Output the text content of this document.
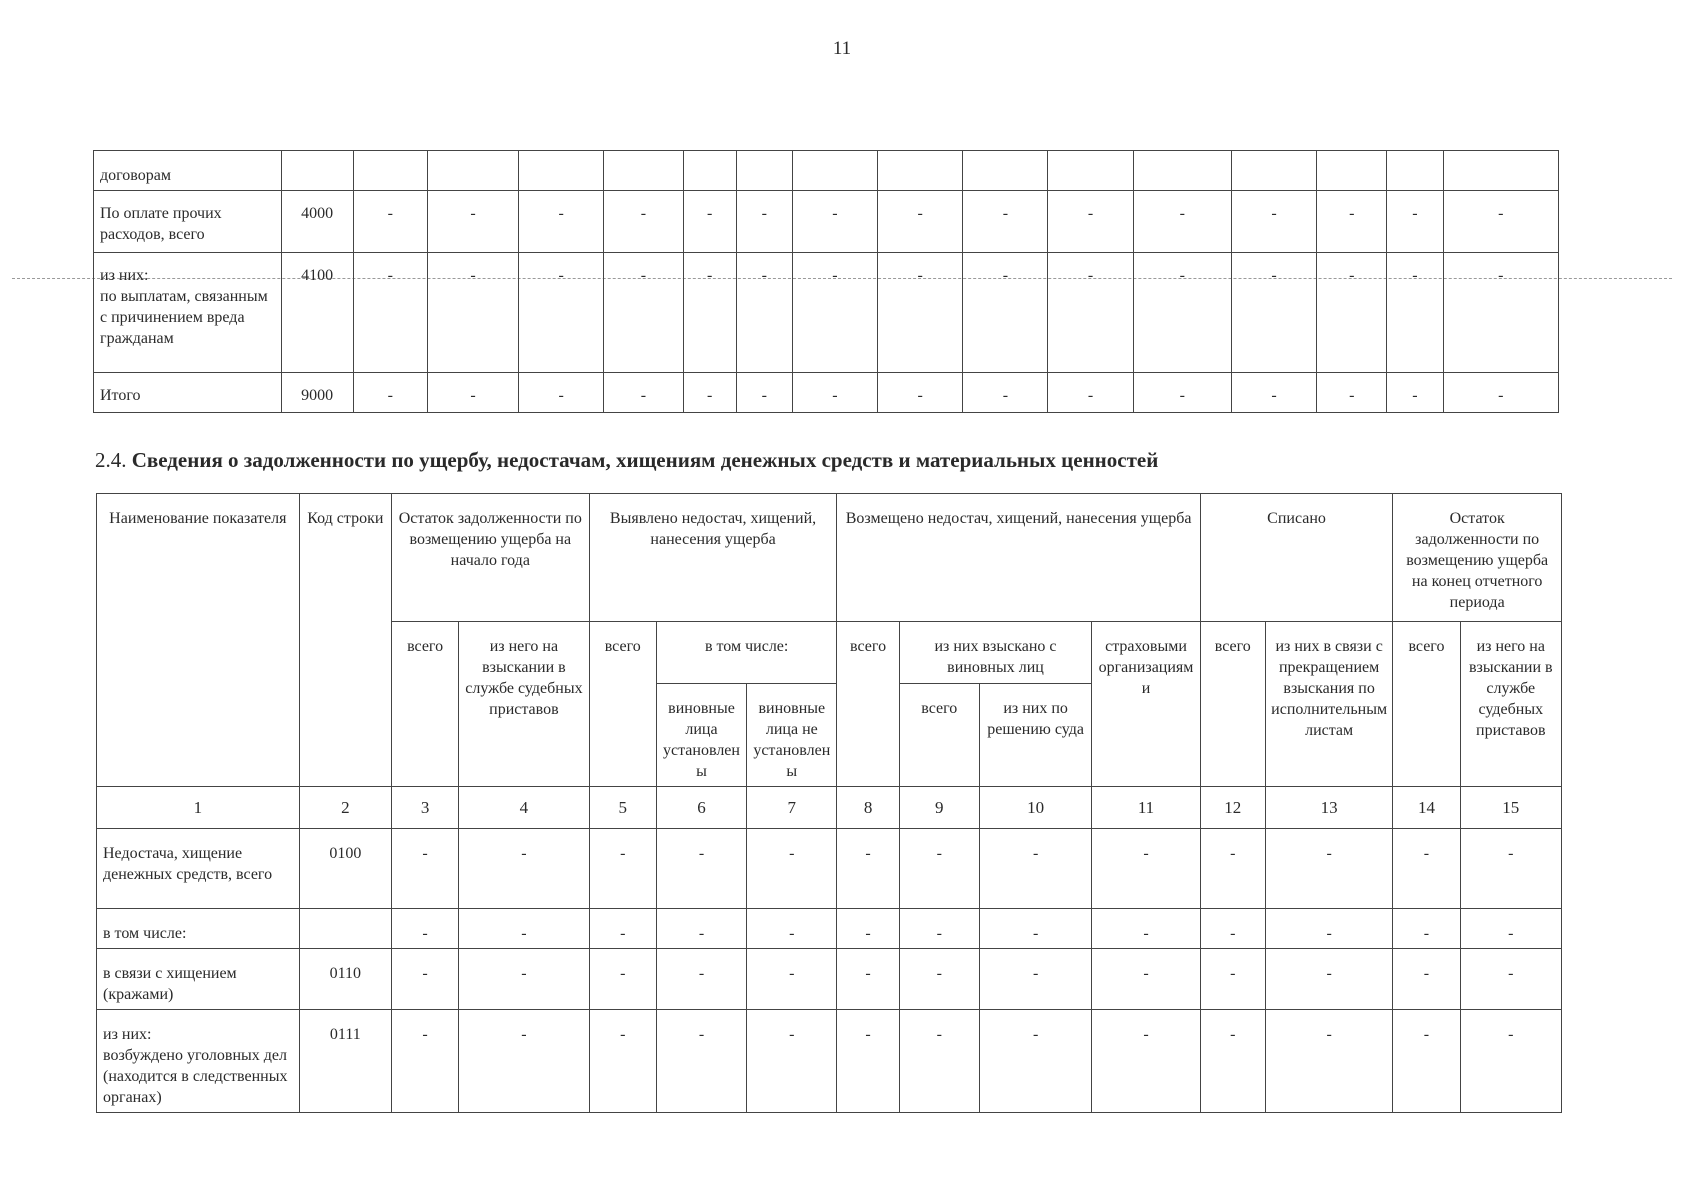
11
договорам																
По оплате прочих расходов, всего	4000	-	-	-	-	-	-	-	-	-	-	-	-	-	-	-
из них:
по выплатам, связанным с причинением вреда гражданам	4100	-	-	-	-	-	-	-	-	-	-	-	-	-	-	-
Итого	9000	-	-	-	-	-	-	-	-	-	-	-	-	-	-	-
2.4. Сведения о задолженности по ущербу, недостачам, хищениям денежных средств и материальных ценностей
Наименование показателя	Код строки	Остаток задолженности по возмещению ущерба на начало года		Выявлено недостач, хищений, нанесения ущерба			Возмещено недостач, хищений, нанесения ущерба				Списано		Остаток задолженности по возмещению ущерба на конец отчетного периода	
		всего	из него на взыскании в службе судебных приставов	всего	в том числе:		всего	из них взыскано с виновных лиц		страховыми организациями	всего	из них в связи с прекращением взыскания по исполнительным листам	всего	из него на взыскании в службе судебных приставов
					виновные лица установлены	виновные лица не установлены		всего	из них по решению суда					
1	2	3	4	5	6	7	8	9	10	11	12	13	14	15
Недостача, хищение денежных средств, всего	0100	-	-	-	-	-	-	-	-	-	-	-	-	-
в том числе:		-	-	-	-	-	-	-	-	-	-	-	-	-
в связи с хищением (кражами)	0110	-	-	-	-	-	-	-	-	-	-	-	-	-
из них:
возбуждено уголовных дел (находится в следственных органах)	0111	-	-	-	-	-	-	-	-	-	-	-	-	-
